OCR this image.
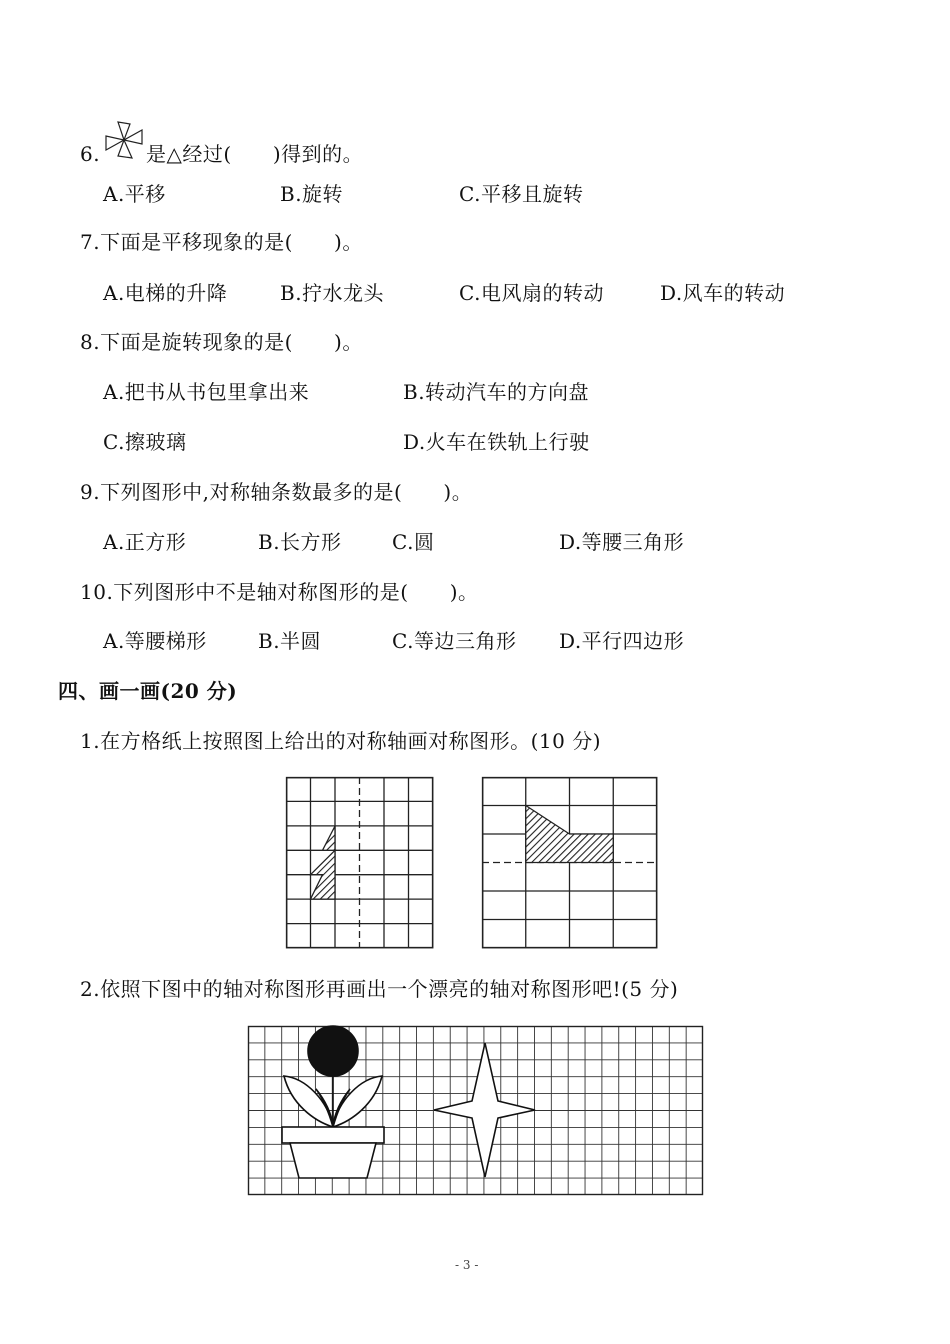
6. 是△经过(      )得到的。
A.平移	B.旋转	C.平移且旋转
7.下面是平移现象的是(      )。
A.电梯的升降	B.拧水龙头	C.电风扇的转动	D.风车的转动
8.下面是旋转现象的是(      )。
A.把书从书包里拿出来	B.转动汽车的方向盘
C.擦玻璃	D.火车在铁轨上行驶
9.下列图形中,对称轴条数最多的是(      )。
A.正方形	B.长方形	C.圆	D.等腰三角形
10.下列图形中不是轴对称图形的是(      )。
A.等腰梯形	B.半圆	C.等边三角形 D.平行四边形
四、画一画(20 分)
1.在方格纸上按照图上给出的对称轴画对称图形。(10 分)
2.依照下图中的轴对称图形再画出一个漂亮的轴对称图形吧!(5 分)
- 3 -
